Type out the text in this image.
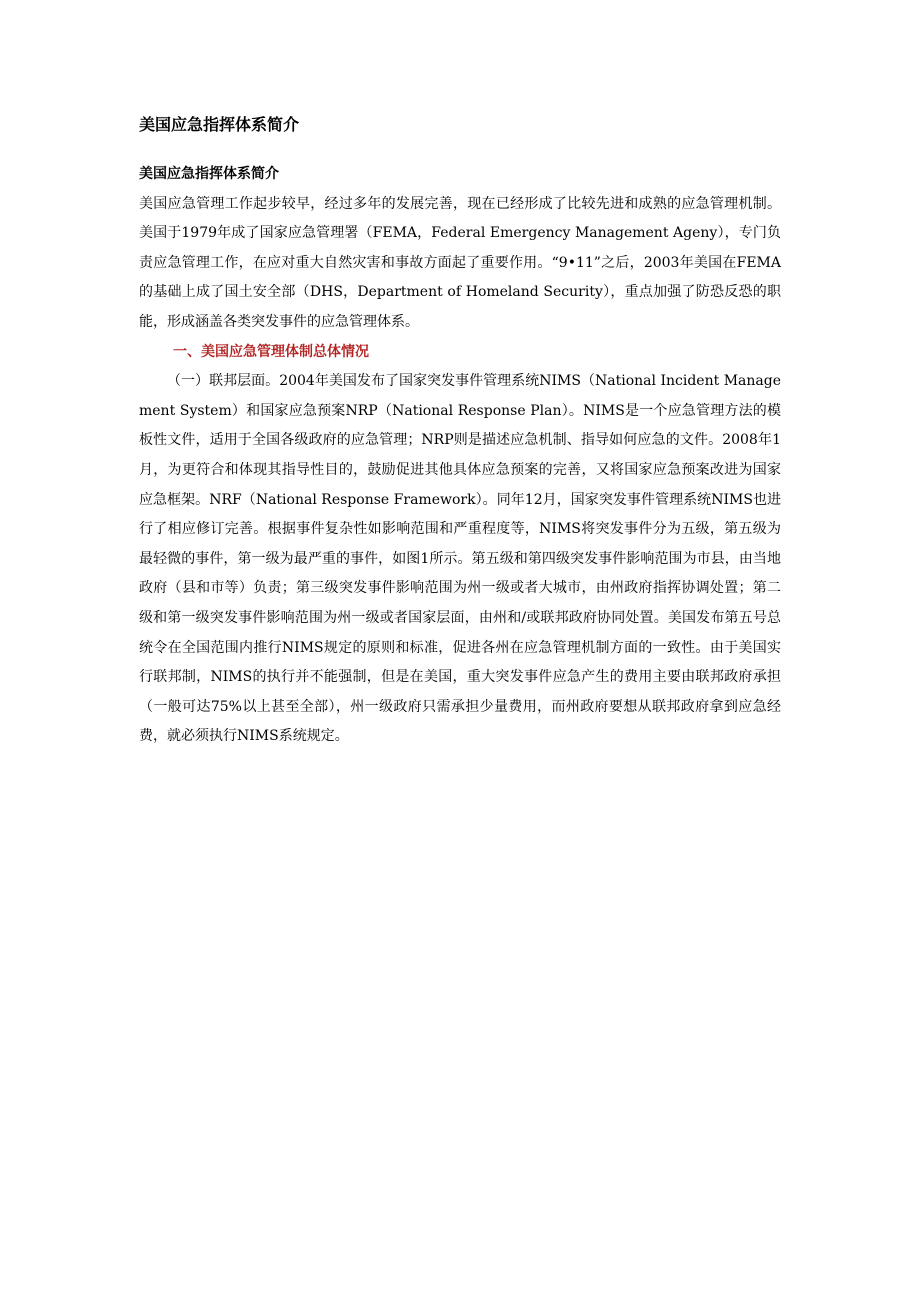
美国应急指挥体系简介
美国应急指挥体系简介

美国应急管理工作起步较早，经过多年的发展完善，现在已经形成了比较先进和成熟的应急管理机制。美国于1979年成了国家应急管理署（FEMA，Federal Emergency Management Ageny），专门负责应急管理工作，在应对重大自然灾害和事故方面起了重要作用。“9•11”之后，2003年美国在FEMA的基础上成了国土安全部（DHS，Department of Homeland Security），重点加强了防恐反恐的职能，形成涵盖各类突发事件的应急管理体系。

一、美国应急管理体制总体情况

（一）联邦层面。2004年美国发布了国家突发事件管理系统NIMS（National Incident Management System）和国家应急预案NRP（National Response Plan）。NIMS是一个应急管理方法的模板性文件，适用于全国各级政府的应急管理；NRP则是描述应急机制、指导如何应急的文件。2008年1月，为更符合和体现其指导性目的，鼓励促进其他具体应急预案的完善，又将国家应急预案改进为国家应急框架。NRF（National Response Framework）。同年12月，国家突发事件管理系统NIMS也进行了相应修订完善。根据事件复杂性如影响范围和严重程度等，NIMS将突发事件分为五级，第五级为最轻微的事件，第一级为最严重的事件，如图1所示。第五级和第四级突发事件影响范围为市县，由当地政府（县和市等）负责；第三级突发事件影响范围为州一级或者大城市，由州政府指挥协调处置；第二级和第一级突发事件影响范围为州一级或者国家层面，由州和/或联邦政府协同处置。美国发布第五号总统令在全国范围内推行NIMS规定的原则和标准，促进各州在应急管理机制方面的一致性。由于美国实行联邦制，NIMS的执行并不能强制，但是在美国，重大突发事件应急产生的费用主要由联邦政府承担（一般可达75%以上甚至全部），州一级政府只需承担少量费用，而州政府要想从联邦政府拿到应急经费，就必须执行NIMS系统规定。
